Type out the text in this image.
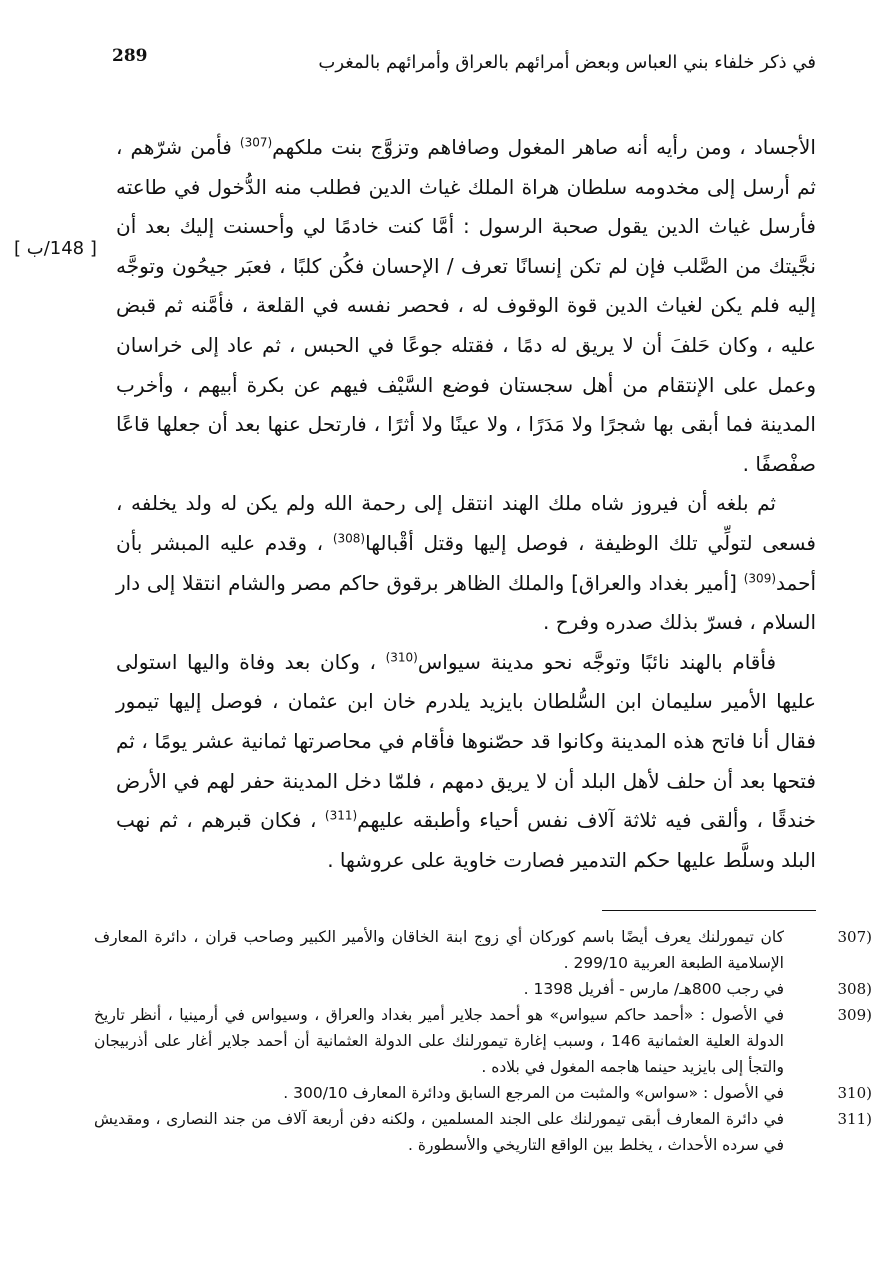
289	في ذكر خلفاء بني العباس وبعض أمرائهم بالعراق وأمرائهم بالمغرب
[ 148/ب ]

الأجساد ، ومن رأيه أنه صاهر المغول وصافاهم وتزوَّج بنت ملكهم$^{(307)}$ فأمن شرّهم ، ثم أرسل إلى مخدومه سلطان هراة الملك غياث الدين فطلب منه الدُّخول في طاعته فأرسل غياث الدين يقول صحبة الرسول : أمَّا كنت خادمًا لي وأحسنت إليك بعد أن نجَّيتك من الصَّلب فإن لم تكن إنسانًا تعرف / الإحسان فكُن كلبًا ، فعبَر جيحُون وتوجَّه إليه فلم يكن لغياث الدين قوة الوقوف له ، فحصر نفسه في القلعة ، فأمَّنه ثم قبض عليه ، وكان حَلفَ أن لا يريق له دمًا ، فقتله جوعًا في الحبس ، ثم عاد إلى خراسان وعمل على الإنتقام من أهل سجستان فوضع السَّيْف فيهم عن بكرة أبيهم ، وأخرب المدينة فما أبقى بها شجرًا ولا مَدَرًا ، ولا عينًا ولا أثرًا ، فارتحل عنها بعد أن جعلها قاعًا صفْصفًا .

ثم بلغه أن فيروز شاه ملك الهند انتقل إلى رحمة الله ولم يكن له ولد يخلفه ، فسعى لتولِّي تلك الوظيفة ، فوصل إليها وقتل أقْبالها$^{(308)}$ ، وقدم عليه المبشر بأن أحمد$^{(309)}$ [أمير بغداد والعراق] والملك الظاهر برقوق حاكم مصر والشام انتقلا إلى دار السلام ، فسرّ بذلك صدره وفرح .

فأقام بالهند نائبًا وتوجَّه نحو مدينة سيواس$^{(310)}$ ، وكان بعد وفاة واليها استولى عليها الأمير سليمان ابن السُّلطان بايزيد يلدرم خان ابن عثمان ، فوصل إليها تيمور فقال أنا فاتح هذه المدينة وكانوا قد حصّنوها فأقام في محاصرتها ثمانية عشر يومًا ، ثم فتحها بعد أن حلف لأهل البلد أن لا يريق دمهم ، فلمّا دخل المدينة حفر لهم في الأرض خندقًا ، وألقى فيه ثلاثة آلاف نفس أحياء وأطبقه عليهم$^{(311)}$ ، فكان قبرهم ، ثم نهب البلد وسلَّط عليها حكم التدمير فصارت خاوية على عروشها .

307)
كان تيمورلنك يعرف أيضًا باسم كوركان أي زوج ابنة الخاقان والأمير الكبير وصاحب قران ، دائرة المعارف الإسلامية الطبعة العربية 299/10 .
308)
في رجب 800هـ/ مارس - أفريل 1398 .
309)
في الأصول : «أحمد حاكم سيواس» هو أحمد جلاير أمير بغداد والعراق ، وسيواس في أرمينيا ، أنظر تاريخ الدولة العلية العثمانية 146 ، وسبب إغارة تيمورلنك على الدولة العثمانية أن أحمد جلاير أغار على أذربيجان والتجأ إلى بايزيد حينما هاجمه المغول في بلاده .
310)
في الأصول : «سواس» والمثبت من المرجع السابق ودائرة المعارف 300/10 .
311)
في دائرة المعارف أبقى تيمورلنك على الجند المسلمين ، ولكنه دفن أربعة آلاف من جند النصارى ، ومقديش في سرده الأحداث ، يخلط بين الواقع التاريخي والأسطورة .
